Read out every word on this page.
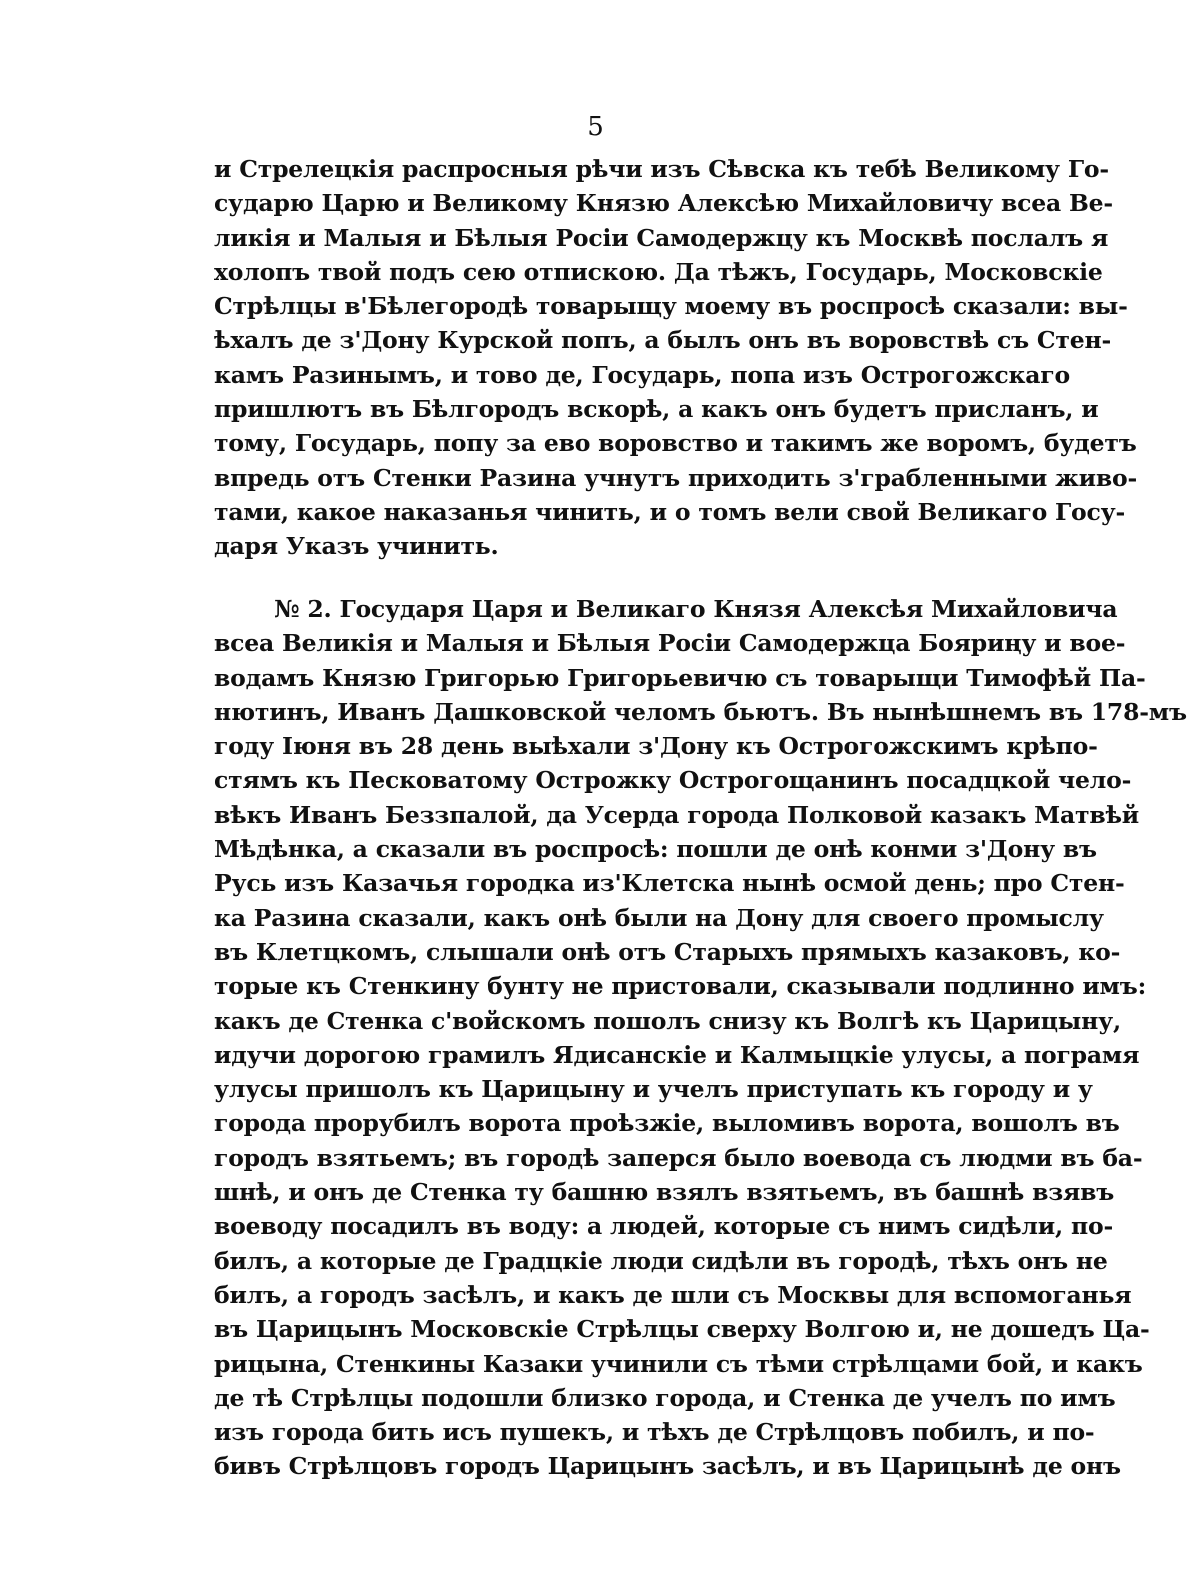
5
и Стрелецкія распросныя рѣчи изъ Сѣвска къ тебѣ Великому Го-
сударю Царю и Великому Князю Алексѣю Михайловичу всеа Ве-
ликія и Малыя и Бѣлыя Росіи Самодержцу къ Москвѣ послалъ я
холопъ твой подъ сею отпискою. Да тѣжъ, Государь, Московскіе
Стрѣлцы в'Бѣлегородѣ товарыщу моему въ роспросѣ сказали: вы-
ѣхалъ де з'Дону Курской попъ, а былъ онъ въ воровствѣ съ Стен-
камъ Разинымъ, и тово де, Государь, попа изъ Острогожскаго
пришлютъ въ Бѣлгородъ вскорѣ, а какъ онъ будетъ присланъ, и
тому, Государь, попу за ево воровство и такимъ же воромъ, будетъ
впредь отъ Стенки Разина учнутъ приходить з'грабленными живо-
тами, какое наказанья чинить, и о томъ вели свой Великаго Госу-
даря Указъ учинить.
№ 2. Государя Царя и Великаго Князя Алексѣя Михайловича
всеа Великія и Малыя и Бѣлыя Росіи Самодержца Бояриңу и вое-
водамъ Князю Григорью Григорьевичю съ товарыщи Тимофѣй Па-
нютинъ, Иванъ Дашковской челомъ бьютъ. Въ нынѣшнемъ въ 178-мъ
году Іюня въ 28 день выѣхали з'Дону къ Острогожскимъ крѣпо-
стямъ къ Песковатому Острожку Острогощанинъ посадцкой чело-
вѣкъ Иванъ Беззпалой, да Усерда города Полковой казакъ Матвѣй
Мѣдѣнка, а сказали въ роспросѣ: пошли де онѣ конми з'Дону въ
Русь изъ Казачья городка из'Клетска нынѣ осмой день; про Стен-
ка Разина сказали, какъ онѣ были на Дону для своего промыслу
въ Клетцкомъ, слышали онѣ отъ Старыхъ прямыхъ казаковъ, ко-
торые къ Стенкину бунту не пристовали, сказывали подлинно имъ:
какъ де Стенка с'войскомъ пошолъ снизу къ Волгѣ къ Царицыну,
идучи дорогою грамилъ Ядисанскіе и Калмыцкіе улусы, а пограмя
улусы пришолъ къ Царицыну и учелъ приступать къ городу и у
города прорубилъ ворота проѣзжіе, выломивъ ворота, вошолъ въ
городъ взятьемъ; въ городѣ заперся было воевода съ людми въ ба-
шнѣ, и онъ де Стенка ту башню взялъ взятьемъ, въ башнѣ взявъ
воеводу посадилъ въ воду: а людей, которые съ нимъ сидѣли, по-
билъ, а которые де Градцкіе люди сидѣли въ городѣ, тѣхъ онъ не
билъ, а городъ засѣлъ, и какъ де шли съ Москвы для вспомоганья
въ Царицынъ Московскіе Стрѣлцы сверху Волгою и, не дошедъ Ца-
рицына, Стенкины Казаки учинили съ тѣми стрѣлцами бой, и какъ
де тѣ Стрѣлцы подошли близко города, и Стенка де учелъ по имъ
изъ города бить исъ пушекъ, и тѣхъ де Стрѣлцовъ побилъ, и по-
бивъ Стрѣлцовъ городъ Царицынъ засѣлъ, и въ Царицынѣ де онъ
